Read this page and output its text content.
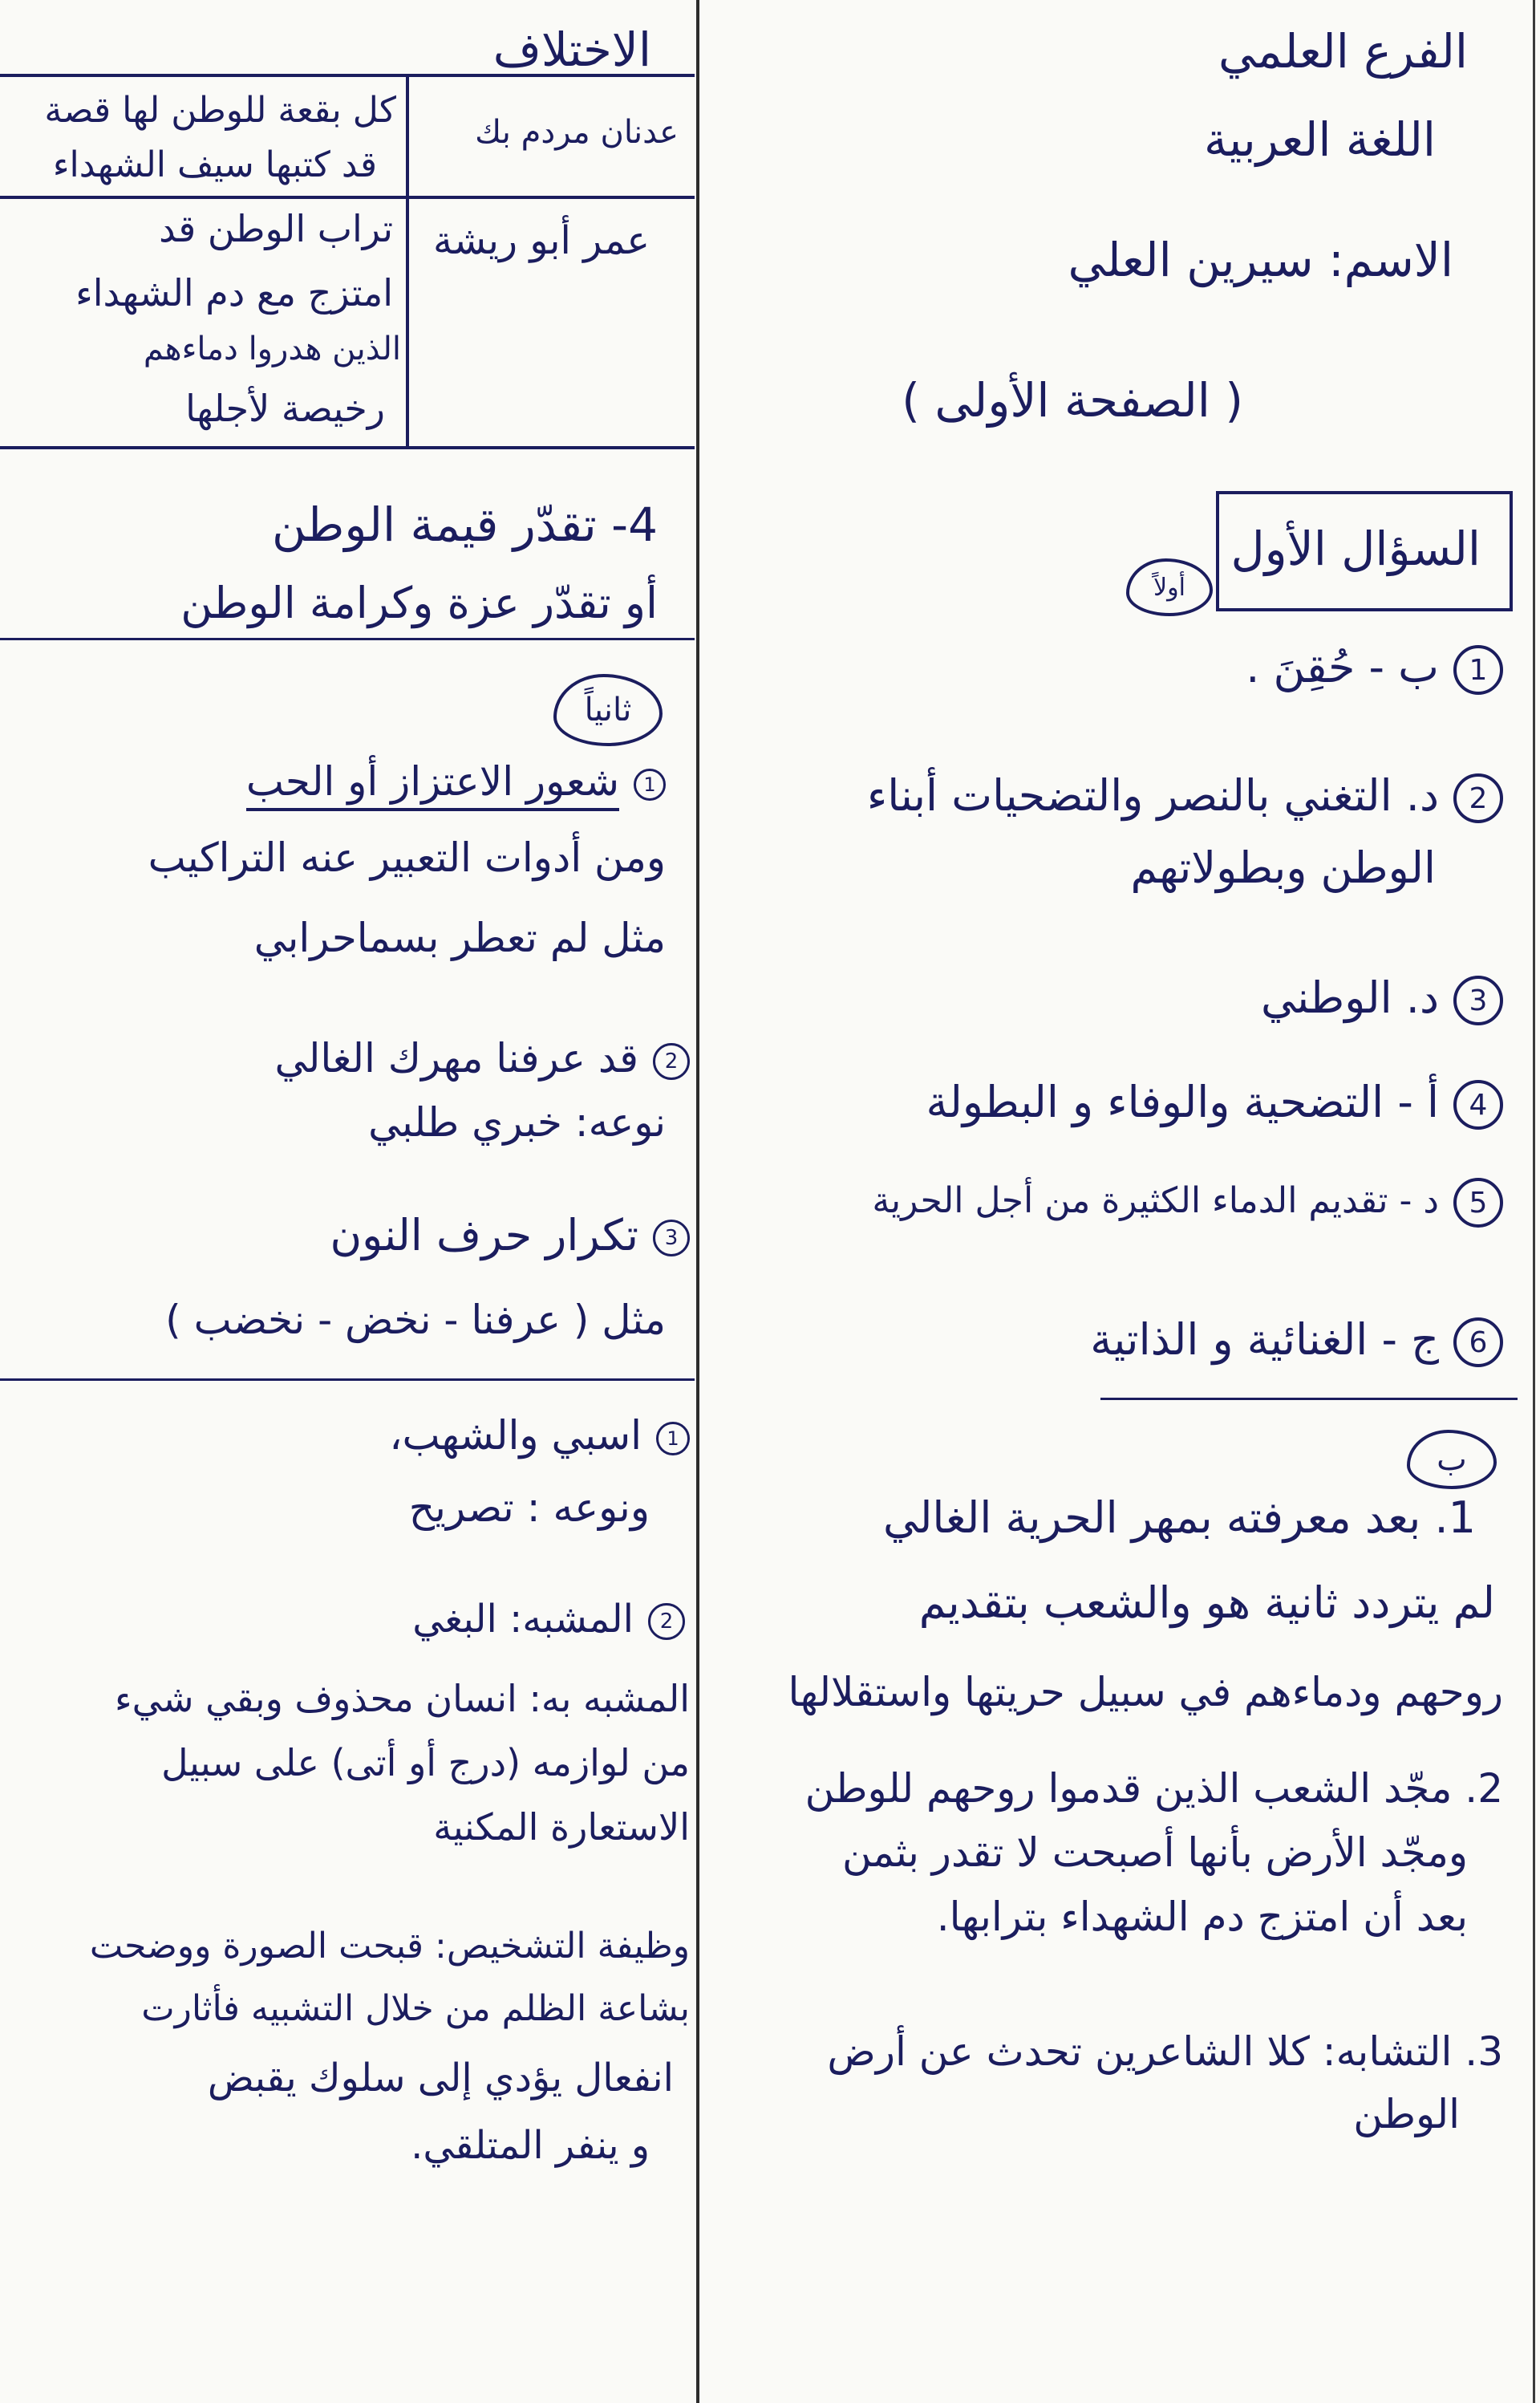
الفرع العلمي
اللغة العربية
الاسم: سيرين العلي
( الصفحة الأولى )
السؤال الأول
أولاً
1ب - حُقِنَ .
2د. التغني بالنصر والتضحيات أبناء
الوطن وبطولاتهم
3د. الوطني
4أ - التضحية والوفاء و البطولة
5د - تقديم الدماء الكثيرة من أجل الحرية
6ج - الغنائية و الذاتية
ب
1. بعد معرفته بمهر الحرية الغالي
لم يتردد ثانية هو والشعب بتقديم
روحهم ودماءهم في سبيل حريتها واستقلالها
2. مجّد الشعب الذين قدموا روحهم للوطن
ومجّد الأرض بأنها أصبحت لا تقدر بثمن
بعد أن امتزج دم الشهداء بترابها.
3. التشابه: كلا الشاعرين تحدث عن أرض
الوطن
الاختلاف
عدنان مردم بك
كل بقعة للوطن لها قصة
قد كتبها سيف الشهداء
عمر أبو ريشة
تراب الوطن قد
امتزج مع دم الشهداء
الذين هدروا دماءهم
رخيصة لأجلها
4- تقدّر قيمة الوطن
أو تقدّر عزة وكرامة الوطن
ثانياً
1شعور الاعتزاز أو الحب
ومن أدوات التعبير عنه التراكيب
مثل لم تعطر بسماحرابي
2قد عرفنا مهرك الغالي
نوعه: خبري طلبي
3تكرار حرف النون
مثل ( عرفنا - نخض - نخضب )
1اسبي والشهب،
ونوعه : تصريح
2المشبه: البغي
المشبه به: انسان محذوف وبقي شيء
من لوازمه (درج أو أتى) على سبيل
الاستعارة المكنية
وظيفة التشخيص: قبحت الصورة ووضحت
بشاعة الظلم من خلال التشبيه فأثارت
انفعال يؤدي إلى سلوك يقبض
و ينفر المتلقي.
